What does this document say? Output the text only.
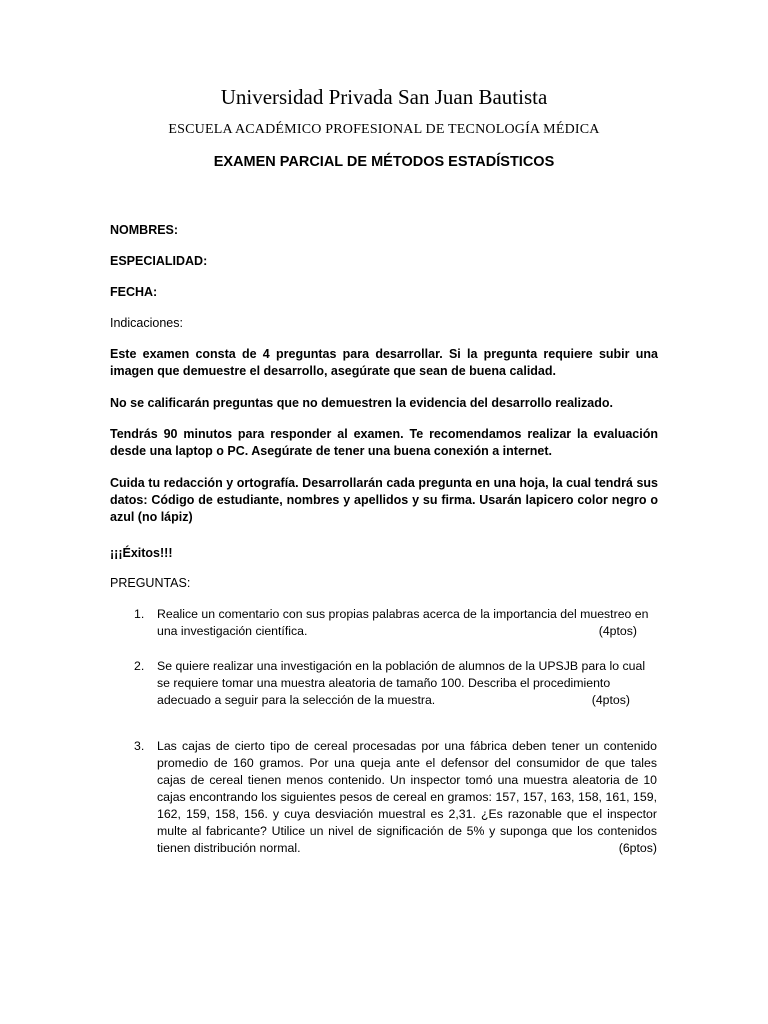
Universidad Privada San Juan Bautista
ESCUELA ACADÉMICO PROFESIONAL DE TECNOLOGÍA MÉDICA
EXAMEN PARCIAL DE MÉTODOS ESTADÍSTICOS
NOMBRES:
ESPECIALIDAD:
FECHA:
Indicaciones:
Este examen consta de 4 preguntas para desarrollar. Si la pregunta requiere subir una imagen que demuestre el desarrollo, asegúrate que sean de buena calidad.
No se calificarán preguntas que no demuestren la evidencia del desarrollo realizado.
Tendrás 90 minutos para responder al examen. Te recomendamos realizar la evaluación desde una laptop o PC. Asegúrate de tener una buena conexión a internet.
Cuida tu redacción y ortografía. Desarrollarán cada pregunta en una hoja, la cual tendrá sus datos: Código de estudiante, nombres y apellidos y su firma. Usarán lapicero color negro o azul (no lápiz)
¡¡¡Éxitos!!!
PREGUNTAS:
1. Realice un comentario con sus propias palabras acerca de la importancia del muestreo en una investigación científica.	(4ptos)
2. Se quiere realizar una investigación en la población de alumnos de la UPSJB para lo cual se requiere tomar una muestra aleatoria de tamaño 100. Describa el procedimiento adecuado a seguir para la selección de la muestra.	(4ptos)
3. Las cajas de cierto tipo de cereal procesadas por una fábrica deben tener un contenido promedio de 160 gramos. Por una queja ante el defensor del consumidor de que tales cajas de cereal tienen menos contenido. Un inspector tomó una muestra aleatoria de 10 cajas encontrando los siguientes pesos de cereal en gramos: 157, 157, 163, 158, 161, 159, 162, 159, 158, 156. y cuya desviación muestral es 2,31. ¿Es razonable que el inspector multe al fabricante? Utilice un nivel de significación de 5% y suponga que los contenidos tienen distribución normal.	(6ptos)
